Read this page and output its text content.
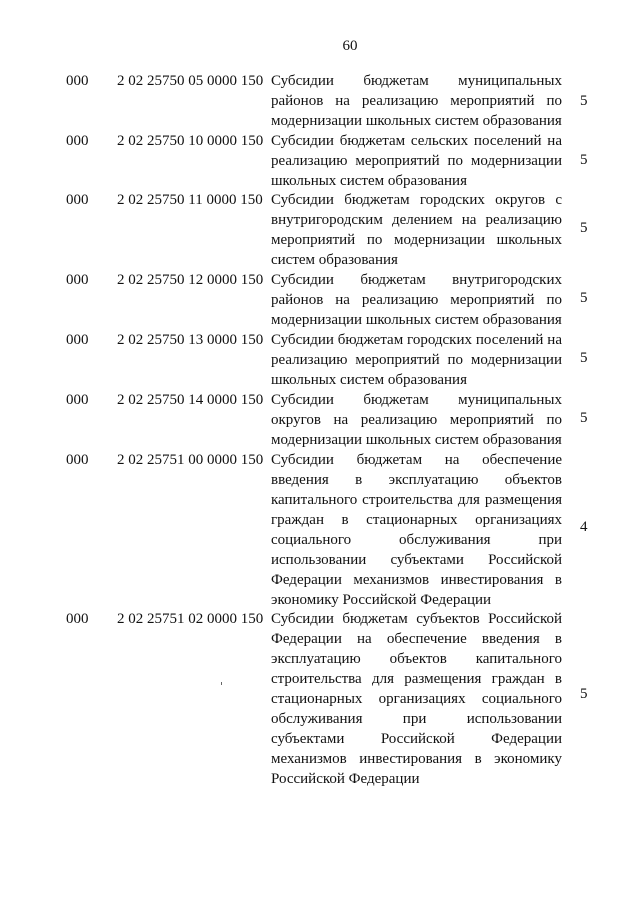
60
000 2 02 25750 05 0000 150 Субсидии бюджетам муниципальных районов на реализацию мероприятий по модернизации школьных систем образования
5
000 2 02 25750 10 0000 150 Субсидии бюджетам сельских поселений на реализацию мероприятий по модернизации школьных систем образования
5
000 2 02 25750 11 0000 150 Субсидии бюджетам городских округов с внутригородским делением на реализацию мероприятий по модернизации школьных систем образования
5
000 2 02 25750 12 0000 150 Субсидии бюджетам внутригородских районов на реализацию мероприятий по модернизации школьных систем образования
5
000 2 02 25750 13 0000 150 Субсидии бюджетам городских поселений на реализацию мероприятий по модернизации школьных систем образования
5
000 2 02 25750 14 0000 150 Субсидии бюджетам муниципальных округов на реализацию мероприятий по модернизации школьных систем образования
5
000 2 02 25751 00 0000 150 Субсидии бюджетам на обеспечение введения в эксплуатацию объектов капитального строительства для размещения граждан в стационарных организациях социального обслуживания при использовании субъектами Российской Федерации механизмов инвестирования в экономику Российской Федерации
4
000 2 02 25751 02 0000 150 Субсидии бюджетам субъектов Российской Федерации на обеспечение введения в эксплуатацию объектов капитального строительства для размещения граждан в стационарных организациях социального обслуживания при использовании субъектами Российской Федерации механизмов инвестирования в экономику Российской Федерации
5
